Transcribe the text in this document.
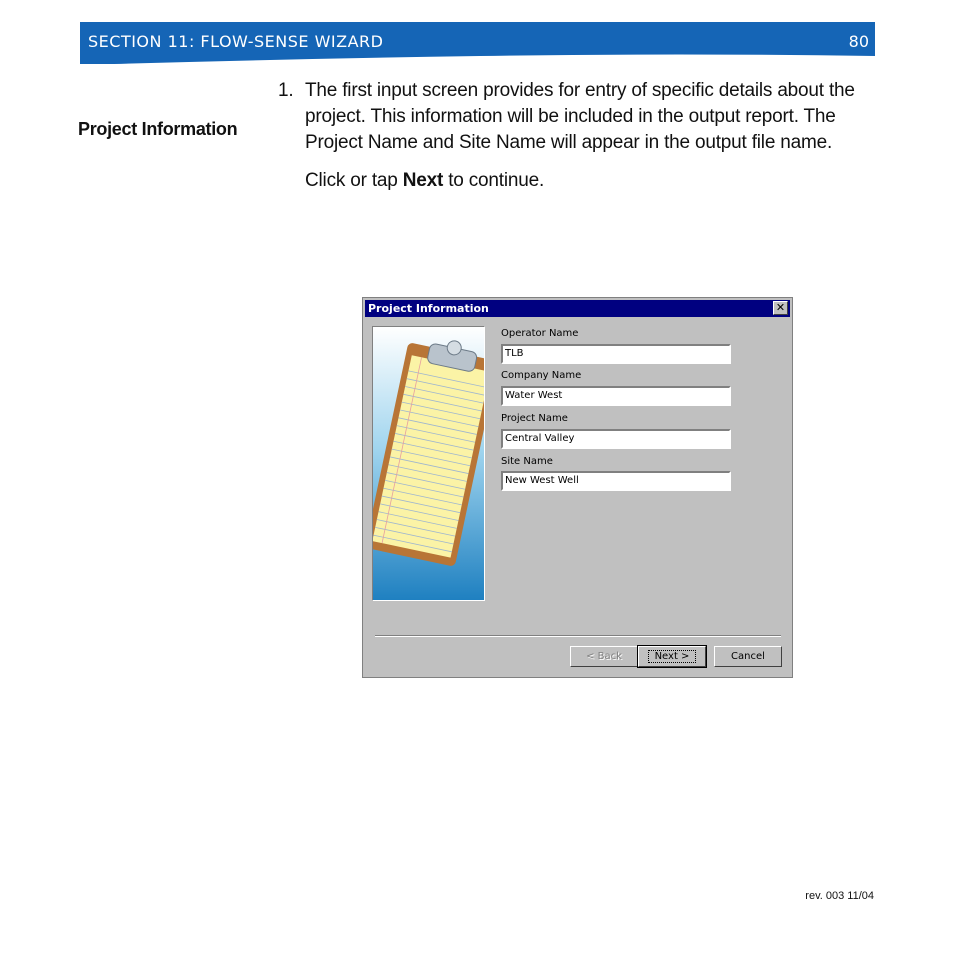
SECTION 11: FLOW-SENSE WIZARD	80
Project Information
1. The first input screen provides for entry of specific details about the project. This information will be included in the output report. The Project Name and Site Name will appear in the output file name.
Click or tap Next to continue.
Project Information	✕
Operator Name
TLB
Company Name
Water West
Project Name
Central Valley
Site Name
New West Well
< Back	Next >	Cancel
rev. 003 11/04
